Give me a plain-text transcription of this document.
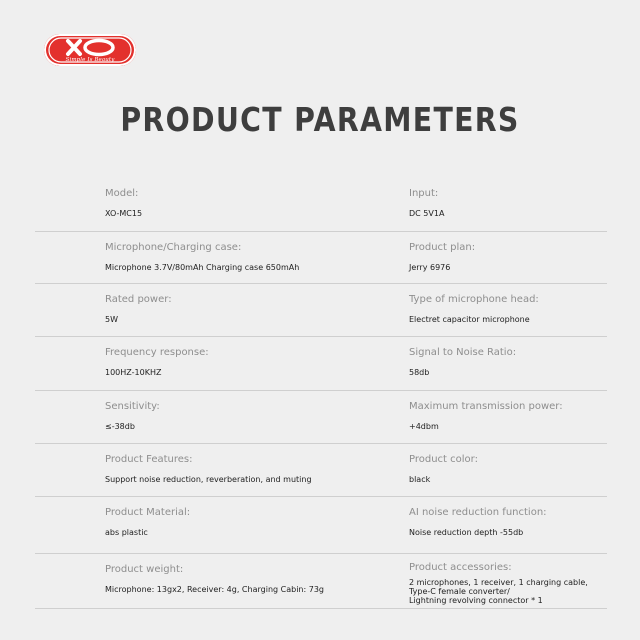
Simple Is Beauty
PRODUCT PARAMETERS
Model:
XO-MC15
Input:
DC 5V1A
Microphone/Charging case:
Microphone 3.7V/80mAh Charging case 650mAh
Product plan:
Jerry 6976
Rated power:
5W
Type of microphone head:
Electret capacitor microphone
Frequency response:
100HZ-10KHZ
Signal to Noise Ratio:
58db
Sensitivity:
≤-38db
Maximum transmission power:
+4dbm
Product Features:
Support noise reduction, reverberation, and muting
Product color:
black
Product Material:
abs plastic
AI noise reduction function:
Noise reduction depth -55db
Product weight:
Microphone: 13gx2, Receiver: 4g, Charging Cabin: 73g
Product accessories:
2 microphones, 1 receiver, 1 charging cable,
Type-C female converter/
Lightning revolving connector * 1
